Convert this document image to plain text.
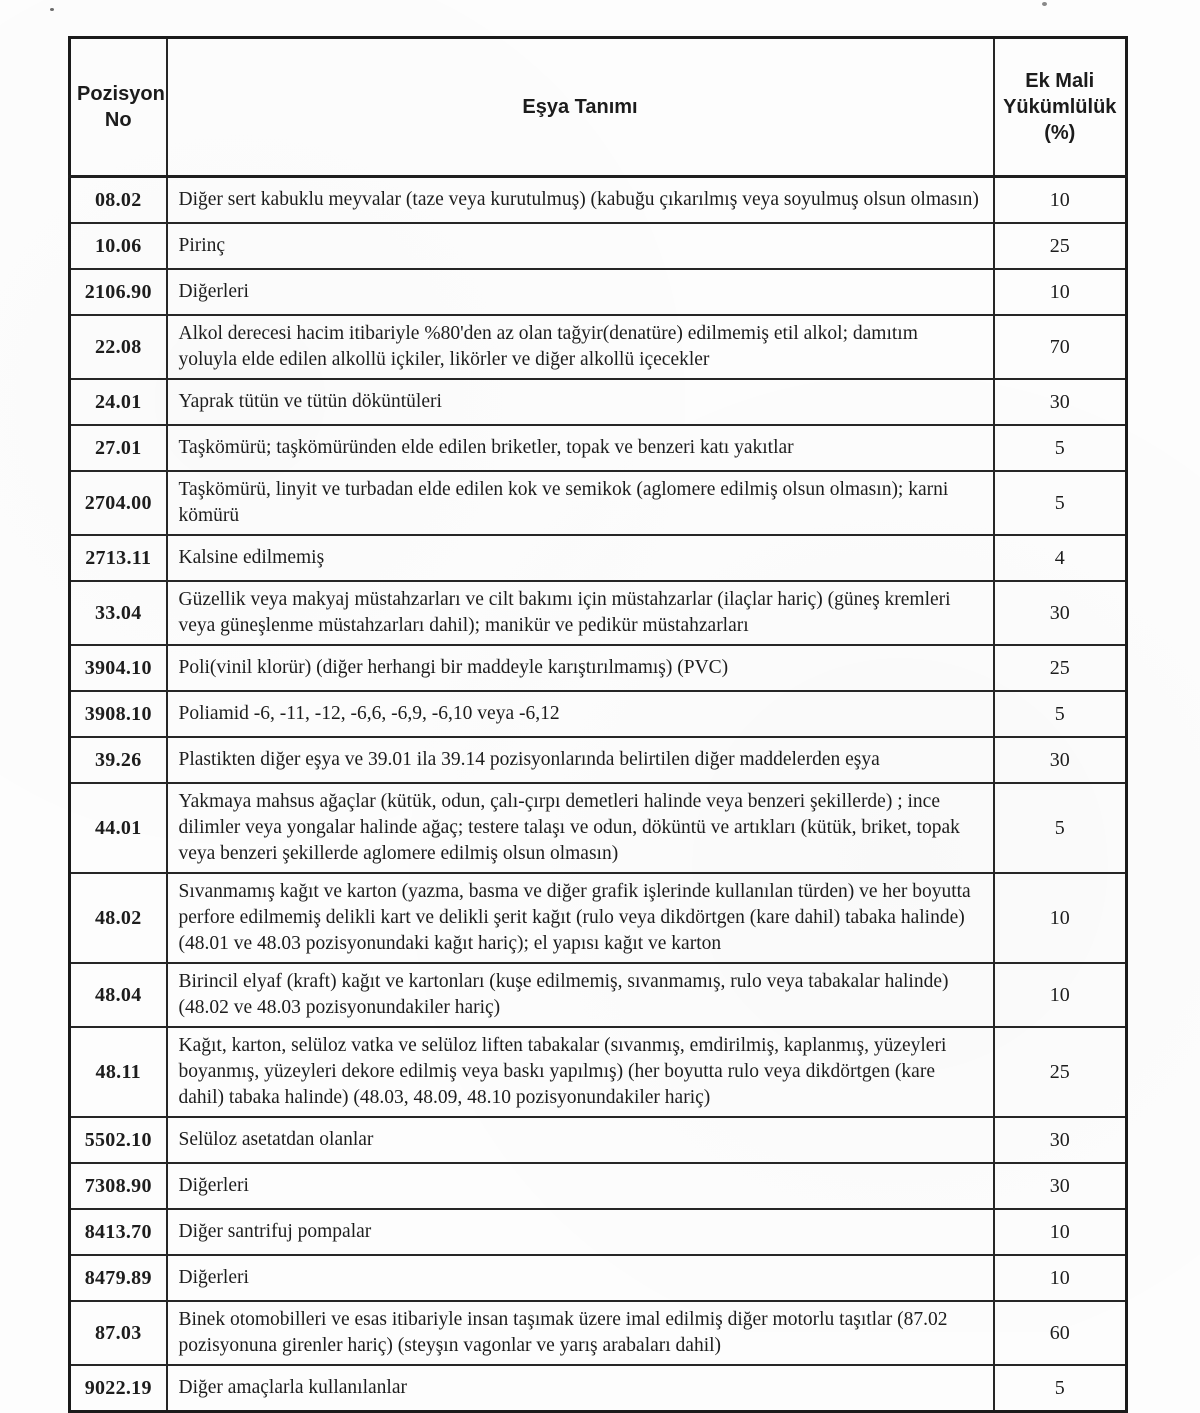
Pozisyon No	Eşya Tanımı	Ek Mali Yükümlülük (%)
08.02	Diğer sert kabuklu meyvalar (taze veya kurutulmuş) (kabuğu çıkarılmış veya soyulmuş olsun olmasın)	10
10.06	Pirinç	25
2106.90	Diğerleri	10
22.08	Alkol derecesi hacim itibariyle %80'den az olan tağyir(denatüre) edilmemiş etil alkol; damıtım yoluyla elde edilen alkollü içkiler, likörler ve diğer alkollü içecekler	70
24.01	Yaprak tütün ve tütün döküntüleri	30
27.01	Taşkömürü; taşkömüründen elde edilen briketler, topak ve benzeri katı yakıtlar	5
2704.00	Taşkömürü, linyit ve turbadan elde edilen kok ve semikok (aglomere edilmiş olsun olmasın); karni kömürü	5
2713.11	Kalsine edilmemiş	4
33.04	Güzellik veya makyaj müstahzarları ve cilt bakımı için müstahzarlar (ilaçlar hariç) (güneş kremleri veya güneşlenme müstahzarları dahil); manikür ve pedikür müstahzarları	30
3904.10	Poli(vinil klorür) (diğer herhangi bir maddeyle karıştırılmamış) (PVC)	25
3908.10	Poliamid -6, -11, -12, -6,6, -6,9, -6,10 veya -6,12	5
39.26	Plastikten diğer eşya ve 39.01 ila 39.14 pozisyonlarında belirtilen diğer maddelerden eşya	30
44.01	Yakmaya mahsus ağaçlar (kütük, odun, çalı-çırpı demetleri halinde veya benzeri şekillerde) ; ince dilimler veya yongalar halinde ağaç; testere talaşı ve odun, döküntü ve artıkları (kütük, briket, topak veya benzeri şekillerde aglomere edilmiş olsun olmasın)	5
48.02	Sıvanmamış kağıt ve karton (yazma, basma ve diğer grafik işlerinde kullanılan türden) ve her boyutta perfore edilmemiş delikli kart ve delikli şerit kağıt (rulo veya dikdörtgen (kare dahil) tabaka halinde) (48.01 ve 48.03 pozisyonundaki kağıt hariç); el yapısı kağıt ve karton	10
48.04	Birincil elyaf (kraft) kağıt ve kartonları (kuşe edilmemiş, sıvanmamış, rulo veya tabakalar halinde) (48.02 ve 48.03 pozisyonundakiler hariç)	10
48.11	Kağıt, karton, selüloz vatka ve selüloz liften tabakalar (sıvanmış, emdirilmiş, kaplanmış, yüzeyleri boyanmış, yüzeyleri dekore edilmiş veya baskı yapılmış) (her boyutta rulo veya dikdörtgen (kare dahil) tabaka halinde) (48.03, 48.09, 48.10 pozisyonundakiler hariç)	25
5502.10	Selüloz asetatdan olanlar	30
7308.90	Diğerleri	30
8413.70	Diğer santrifuj pompalar	10
8479.89	Diğerleri	10
87.03	Binek otomobilleri ve esas itibariyle insan taşımak üzere imal edilmiş diğer motorlu taşıtlar (87.02 pozisyonuna girenler hariç) (steyşın vagonlar ve yarış arabaları dahil)	60
9022.19	Diğer amaçlarla kullanılanlar	5
